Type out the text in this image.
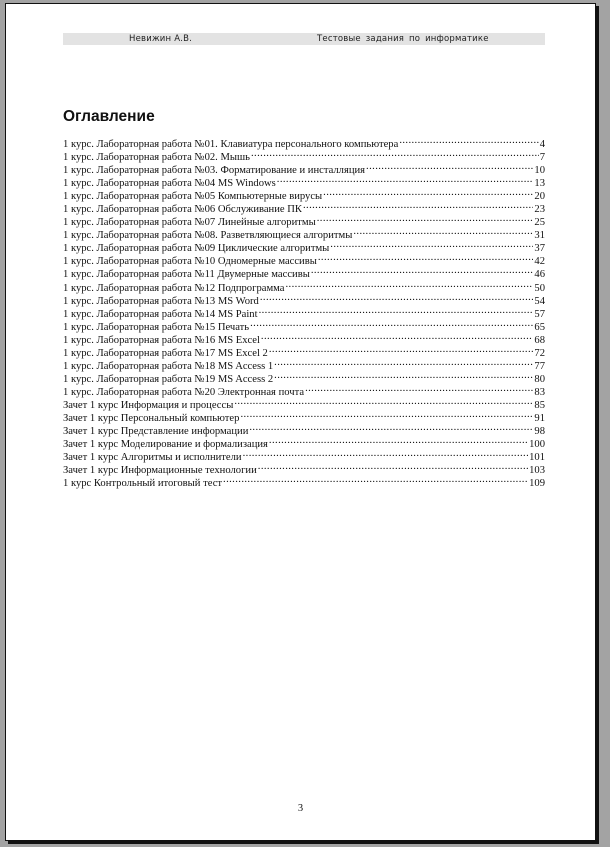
Невижин А.В.	Тестовые задания по информатике
Оглавление
1 курс. Лабораторная работа №01. Клавиатура персонального компьютера .....	4
1 курс. Лабораторная работа №02. Мышь .....	7
1 курс. Лабораторная работа №03. Форматирование и инсталляция .....	10
1 курс. Лабораторная работа №04 MS Windows .....	13
1 курс. Лабораторная работа №05 Компьютерные вирусы .....	20
1 курс. Лабораторная работа №06 Обслуживание ПК .....	23
1 курс. Лабораторная работа №07 Линейные алгоритмы .....	25
1 курс. Лабораторная работа №08. Разветвляющиеся алгоритмы .....	31
1 курс. Лабораторная работа №09 Циклические алгоритмы .....	37
1 курс. Лабораторная работа №10 Одномерные массивы .....	42
1 курс. Лабораторная работа №11 Двумерные массивы .....	46
1 курс. Лабораторная работа №12 Подпрограмма .....	50
1 курс. Лабораторная работа №13 MS Word .....	54
1 курс. Лабораторная работа №14 MS Paint .....	57
1 курс. Лабораторная работа №15 Печать .....	65
1 курс. Лабораторная работа №16 MS Excel .....	68
1 курс. Лабораторная работа №17 MS Excel 2 .....	72
1 курс. Лабораторная работа №18 MS Access 1 .....	77
1 курс. Лабораторная работа №19 MS Access 2 .....	80
1 курс. Лабораторная работа №20 Электронная почта .....	83
Зачет 1 курс Информация и процессы .....	85
Зачет 1 курс Персональный компьютер .....	91
Зачет 1 курс Представление информации .....	98
Зачет 1 курс Моделирование и формализация .....	100
Зачет 1 курс Алгоритмы и исполнители .....	101
Зачет 1 курс Информационные технологии .....	103
1 курс Контрольный итоговый тест .....	109
3
